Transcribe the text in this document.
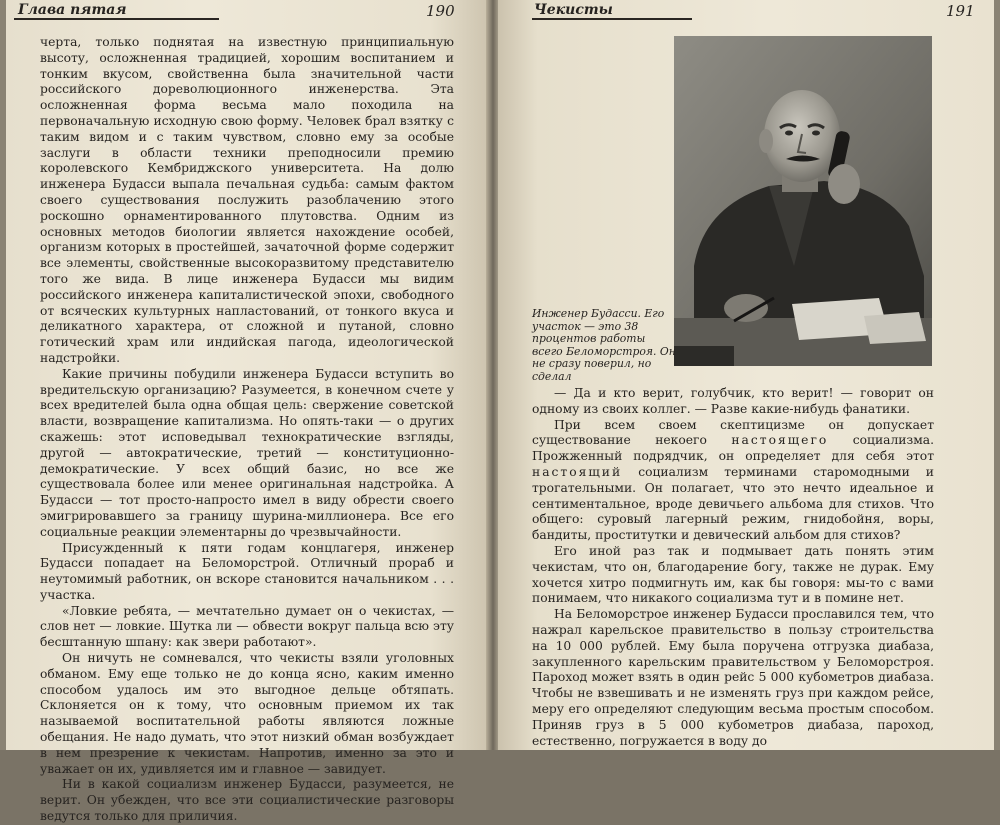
Глава пятая	190

черта, только поднятая на известную принципиальную высоту, осложненная традицией, хорошим воспитанием и тонким вкусом, свойственна была значительной части российского дореволюционного инженерства. Эта осложненная форма весьма мало походила на первоначальную исходную свою форму. Человек брал взятку с таким видом и с таким чувством, словно ему за особые заслуги в области техники преподносили премию королевского Кембриджского университета. На долю инженера Будасси выпала печальная судьба: самым фактом своего существования послужить разоблачению этого роскошно орнаментированного плутовства. Одним из основных методов биологии является нахождение особей, организм которых в простейшей, зачаточной форме содержит все элементы, свойственные высокоразвитому представителю того же вида. В лице инженера Будасси мы видим российского инженера капиталистической эпохи, свободного от всяческих культурных напластований, от тонкого вкуса и деликатного характера, от сложной и путаной, словно готический храм или индийская пагода, идеологической надстройки.

Какие причины побудили инженера Будасси вступить во вредительскую организацию? Разумеется, в конечном счете у всех вредителей была одна общая цель: свержение советской власти, возвращение капитализма. Но опять-таки — о других скажешь: этот исповедывал технократические взгляды, другой — автократические, третий — конституционно-демократические. У всех общий базис, но все же существовала более или менее оригинальная надстройка. А Будасси — тот просто-напросто имел в виду обрести своего эмигрировавшего за границу шурина-миллионера. Все его социальные реакции элементарны до чрезвычайности.

Присужденный к пяти годам концлагеря, инженер Будасси попадает на Беломорстрой. Отличный прораб и неутомимый работник, он вскоре становится начальником . . . участка.

«Ловкие ребята, — мечтательно думает он о чекистах, — слов нет — ловкие. Шутка ли — обвести вокруг пальца всю эту бесштанную шпану: как звери работают».

Он ничуть не сомневался, что чекисты взяли уголовных обманом. Ему еще только не до конца ясно, каким именно способом удалось им это выгодное дельце обтяпать. Склоняется он к тому, что основным приемом их так называемой воспитательной работы являются ложные обещания. Не надо думать, что этот низкий обман возбуждает в нем презрение к чекистам. Напротив, именно за это и уважает он их, удивляется им и главное — завидует.

Ни в какой социализм инженер Будасси, разумеется, не верит. Он убежден, что все эти социалистические разговоры ведутся только для приличия.

Чекисты	191
Инженер Будасси. Его участок — это 38 процентов работы всего Беломорстроя. Он не сразу поверил, но сделал

— Да и кто верит, голубчик, кто верит! — говорит он одному из своих коллег. — Разве какие-нибудь фанатики.

При всем своем скептицизме он допускает существование некоего настоящего социализма. Прожженный подрядчик, он определяет для себя этот настоящий социализм терминами старомодными и трогательными. Он полагает, что это нечто идеальное и сентиментальное, вроде девичьего альбома для стихов. Что общего: суровый лагерный режим, гнидобойня, воры, бандиты, проститутки и девический альбом для стихов?

Его иной раз так и подмывает дать понять этим чекистам, что он, благодарение богу, также не дурак. Ему хочется хитро подмигнуть им, как бы говоря: мы-то с вами понимаем, что никакого социализма тут и в помине нет.

На Беломорстрое инженер Будасси прославился тем, что нажрал карельское правительство в пользу строительства на 10 000 рублей. Ему была поручена отгрузка диабаза, закупленного карельским правительством у Беломорстроя. Пароход может взять в один рейс 5 000 кубометров диабаза. Чтобы не взвешивать и не изменять груз при каждом рейсе, меру его определяют следующим весьма простым способом. Приняв груз в 5 000 кубометров диабаза, пароход, естественно, погружается в воду до
